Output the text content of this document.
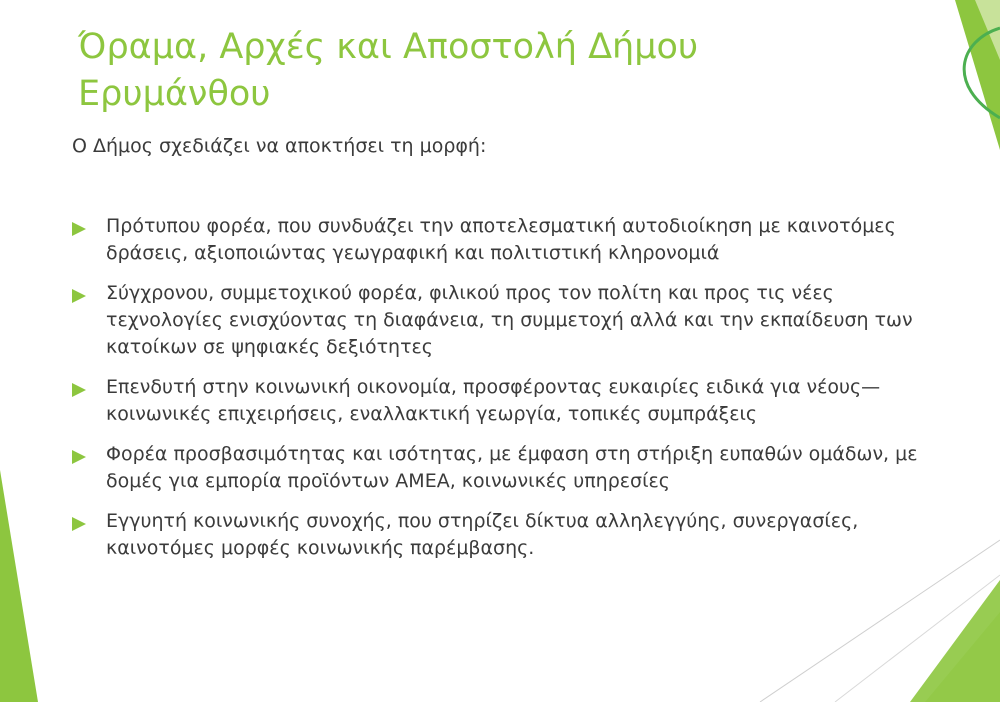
Όραμα, Αρχές και Αποστολή Δήμου Ερυμάνθου

Ο Δήμος σχεδιάζει να αποκτήσει τη μορφή:

Πρότυπου φορέα, που συνδυάζει την αποτελεσματική αυτοδιοίκηση με καινοτόμες δράσεις, αξιοποιώντας γεωγραφική και πολιτιστική κληρονομιά
Σύγχρονου, συμμετοχικού φορέα, φιλικού προς τον πολίτη και προς τις νέες τεχνολογίες ενισχύοντας τη διαφάνεια, τη συμμετοχή αλλά και την εκπαίδευση των κατοίκων σε ψηφιακές δεξιότητες
Επενδυτή στην κοινωνική οικονομία, προσφέροντας ευκαιρίες ειδικά για νέους—κοινωνικές επιχειρήσεις, εναλλακτική γεωργία, τοπικές συμπράξεις
Φορέα προσβασιμότητας και ισότητας, με έμφαση στη στήριξη ευπαθών ομάδων, με δομές για εμπορία προϊόντων ΑΜΕΑ, κοινωνικές υπηρεσίες
Εγγυητή κοινωνικής συνοχής, που στηρίζει δίκτυα αλληλεγγύης, συνεργασίες, καινοτόμες μορφές κοινωνικής παρέμβασης.
